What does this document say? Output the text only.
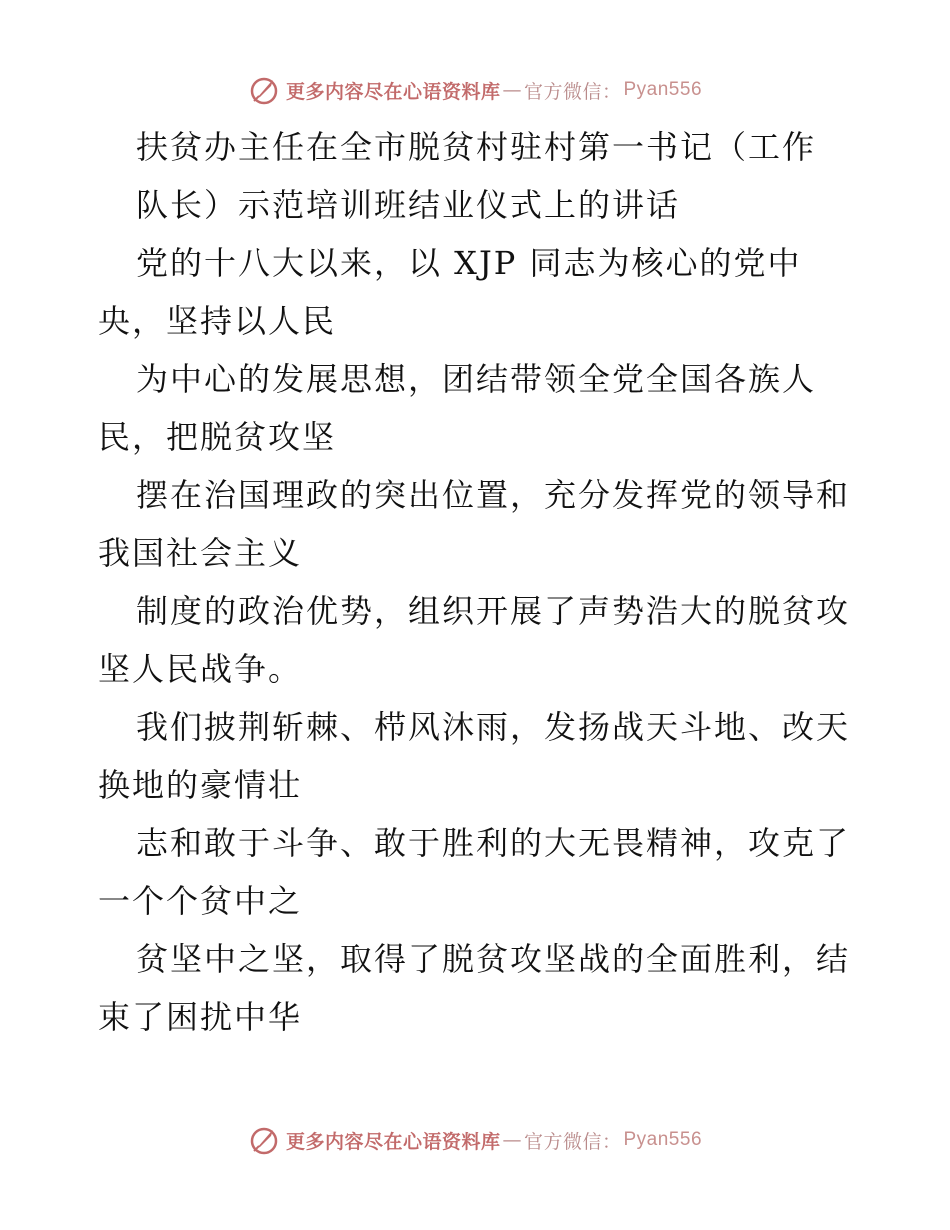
更多内容尽在心语资料库 — 官方微信： Pyan556
扶贫办主任在全市脱贫村驻村第一书记（工作
队长）示范培训班结业仪式上的讲话
党的十八大以来，以 XJP 同志为核心的党中
央，坚持以人民
为中心的发展思想，团结带领全党全国各族人
民，把脱贫攻坚
摆在治国理政的突出位置，充分发挥党的领导和
我国社会主义
制度的政治优势，组织开展了声势浩大的脱贫攻
坚人民战争。
我们披荆斩棘、栉风沐雨，发扬战天斗地、改天
换地的豪情壮
志和敢于斗争、敢于胜利的大无畏精神，攻克了
一个个贫中之
贫坚中之坚，取得了脱贫攻坚战的全面胜利，结
束了困扰中华
更多内容尽在心语资料库 — 官方微信： Pyan556
